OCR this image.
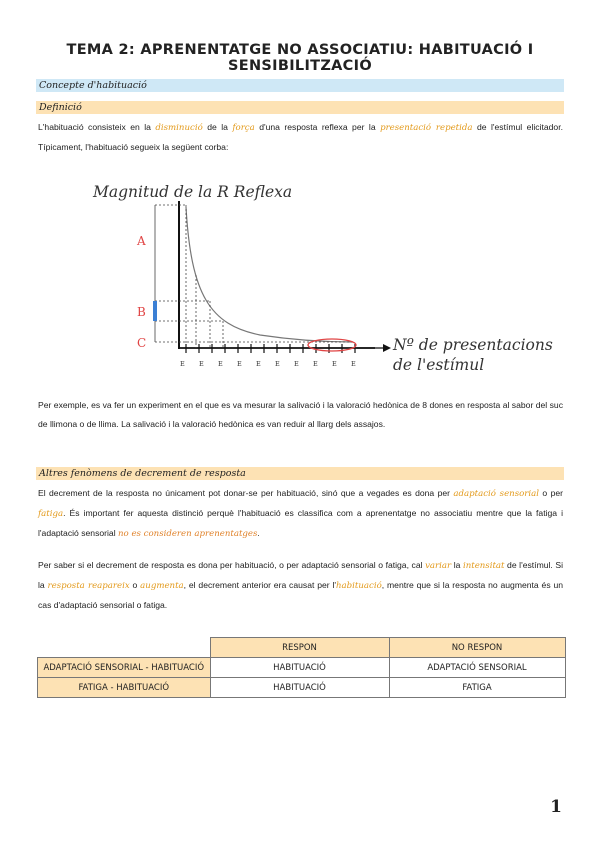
TEMA 2: APRENENTATGE NO ASSOCIATIU: HABITUACIÓ I SENSIBILITZACIÓ
Concepte d'habituació
Definició

L'habituació consisteix en la disminució de la força d'una resposta reflexa per la presentació repetida de l'estímul elicitador. Típicament, l'habituació segueix la següent corba:

Magnitud de la R Reflexa
A
B
C
E E E E E E E E E E
Nº de presentacions
de l'estímul

Per exemple, es va fer un experiment en el que es va mesurar la salivació i la valoració hedònica de 8 dones en resposta al sabor del suc de llimona o de llima. La salivació i la valoració hedònica es van reduir al llarg dels assajos.

Altres fenòmens de decrement de resposta

El decrement de la resposta no únicament pot donar-se per habituació, sinó que a vegades es dona per adaptació sensorial o per fatiga. És important fer aquesta distinció perquè l'habituació es classifica com a aprenentatge no associatiu mentre que la fatiga i l'adaptació sensorial no es consideren aprenentatges.

Per saber si el decrement de resposta es dona per habituació, o per adaptació sensorial o fatiga, cal variar la intensitat de l'estímul. Si la resposta reapareix o augmenta, el decrement anterior era causat per l'habituació, mentre que si la resposta no augmenta és un cas d'adaptació sensorial o fatiga.

	RESPON	NO RESPON
ADAPTACIÓ SENSORIAL - HABITUACIÓ	HABITUACIÓ	ADAPTACIÓ SENSORIAL
FATIGA - HABITUACIÓ	HABITUACIÓ	FATIGA
1
